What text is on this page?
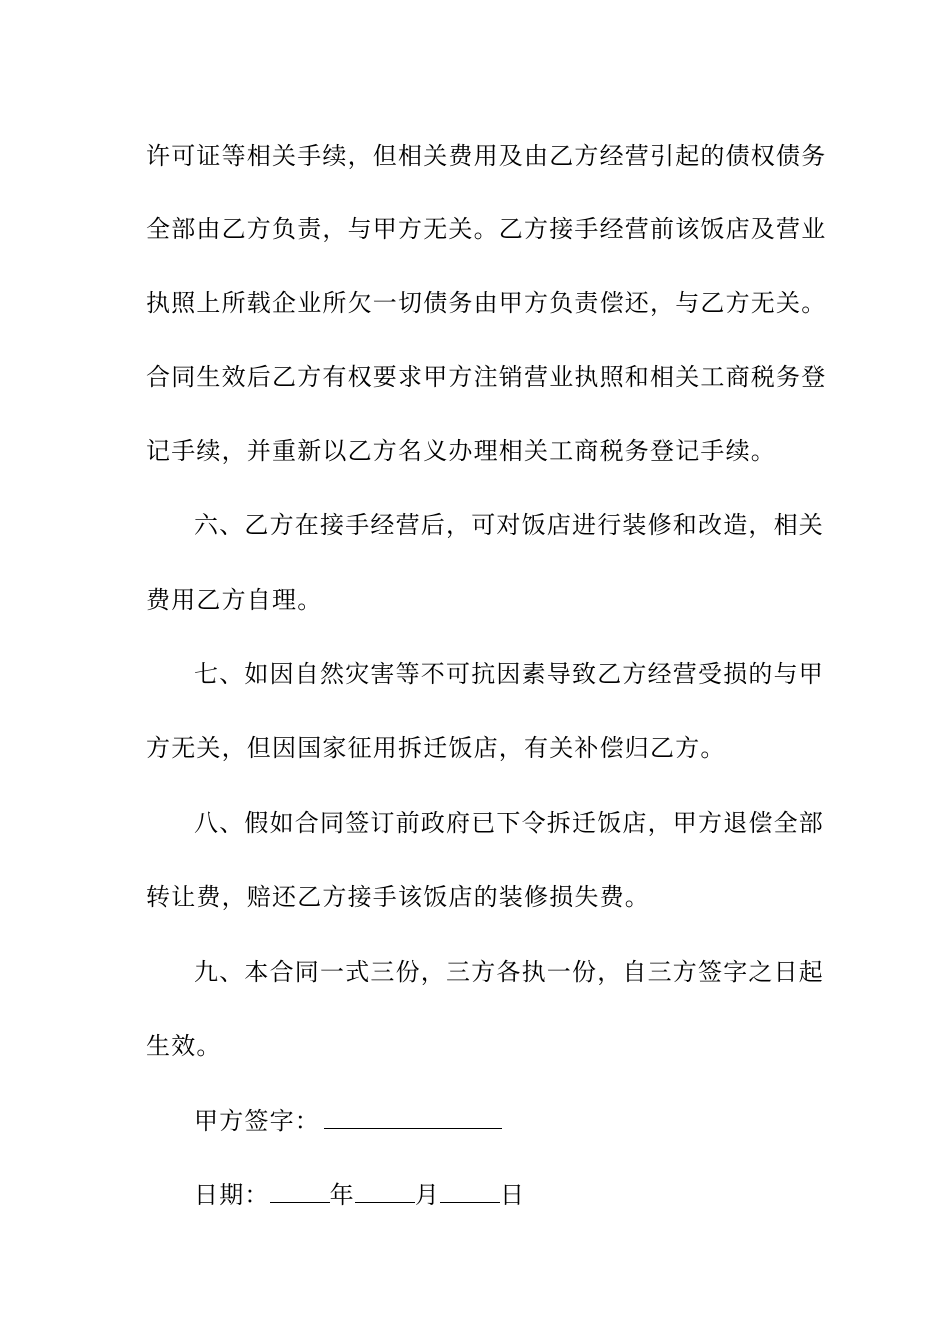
许可证等相关手续，但相关费用及由乙方经营引起的债权债务
全部由乙方负责，与甲方无关。乙方接手经营前该饭店及营业
执照上所载企业所欠一切债务由甲方负责偿还，与乙方无关。
合同生效后乙方有权要求甲方注销营业执照和相关工商税务登
记手续，并重新以乙方名义办理相关工商税务登记手续。
六、乙方在接手经营后，可对饭店进行装修和改造，相关
费用乙方自理。
七、如因自然灾害等不可抗因素导致乙方经营受损的与甲
方无关，但因国家征用拆迁饭店，有关补偿归乙方。
八、假如合同签订前政府已下令拆迁饭店，甲方退偿全部
转让费，赔还乙方接手该饭店的装修损失费。
九、本合同一式三份，三方各执一份，自三方签字之日起
生效。
甲方签字：
日期：	年	月	日
